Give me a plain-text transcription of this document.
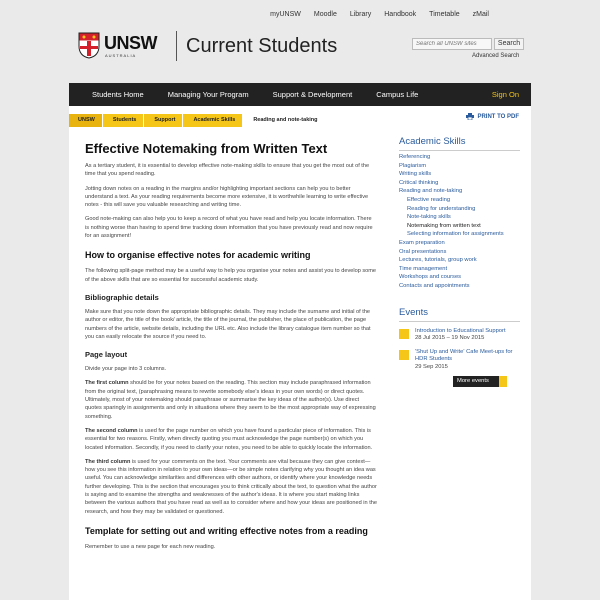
myUNSW Moodle Library Handbook Timetable zMail
UNSW
AUSTRALIA Current Students
Search all UNSW sites	Search
Advanced Search
Students Home	Managing Your Program	Support & Development	Campus Life	Sign On
UNSW	Students	Support	Academic Skills	Reading and note-taking
PRINT TO PDF
Effective Notemaking from Written Text

As a tertiary student, it is essential to develop effective note-making skills to ensure that you get the most out of the time that you spend reading.

Jotting down notes on a reading in the margins and/or highlighting important sections can help you to better understand a text. As your reading requirements become more extensive, it is worthwhile learning to write effective notes - this will save you valuable researching and writing time.

Good note-making can also help you to keep a record of what you have read and help you locate information. There is nothing worse than having to spend time tracking down information that you have previously read and now require for an assignment!

How to organise effective notes for academic writing

The following split-page method may be a useful way to help you organise your notes and assist you to develop some of the above skills that are so essential for successful academic study.

Bibliographic details

Make sure that you note down the appropriate bibliographic details. They may include the surname and initial of the author or editor, the title of the book/ article, the title of the journal, the publisher, the place of publication, the page numbers of the article, website details, including the URL etc. Also include the library catalogue item number so that you can easily relocate the source if you need to.

Page layout

Divide your page into 3 columns.

The first column should be for your notes based on the reading. This section may include paraphrased information from the original text, (paraphrasing means to rewrite somebody else's ideas in your own words) or direct quotes. Ultimately, most of your notemaking should paraphrase or summarise the key ideas of the author(s). Use direct quotes sparingly in assignments and only in situations where they seem to be the most appropriate way of expressing something.

The second column is used for the page number on which you have found a particular piece of information. This is essential for two reasons. Firstly, when directly quoting you must acknowledge the page number(s) on which you located information. Secondly, if you need to clarify your notes, you need to be able to quickly locate the information.

The third column is used for your comments on the text. Your comments are vital because they can give context—how you see this information in relation to your own ideas—or be simple notes clarifying why you thought an idea was useful. You can acknowledge similarities and differences with other authors, or identify where your knowledge needs further developing. This is the section that encourages you to think critically about the text, to question what the author is saying and to examine the strengths and weaknesses of the author's ideas. It is where you start making links between the various authors that you have read as well as to consider where and how your ideas are positioned in the research, and how they may be validated or questioned.

Template for setting out and writing effective notes from a reading

Remember to use a new page for each new reading.

Academic Skills
Referencing
Plagiarism
Writing skills
Critical thinking
Reading and note-taking
Effective reading
Reading for understanding
Note-taking skills
Notemaking from written text
Selecting information for assignments
Exam preparation
Oral presentations
Lectures, tutorials, group work
Time management
Workshops and courses
Contacts and appointments
Events
Introduction to Educational Support
28 Jul 2015 – 19 Nov 2015
'Shut Up and Write' Cafe Meet-ups for HDR Students
29 Sep 2015
More events
